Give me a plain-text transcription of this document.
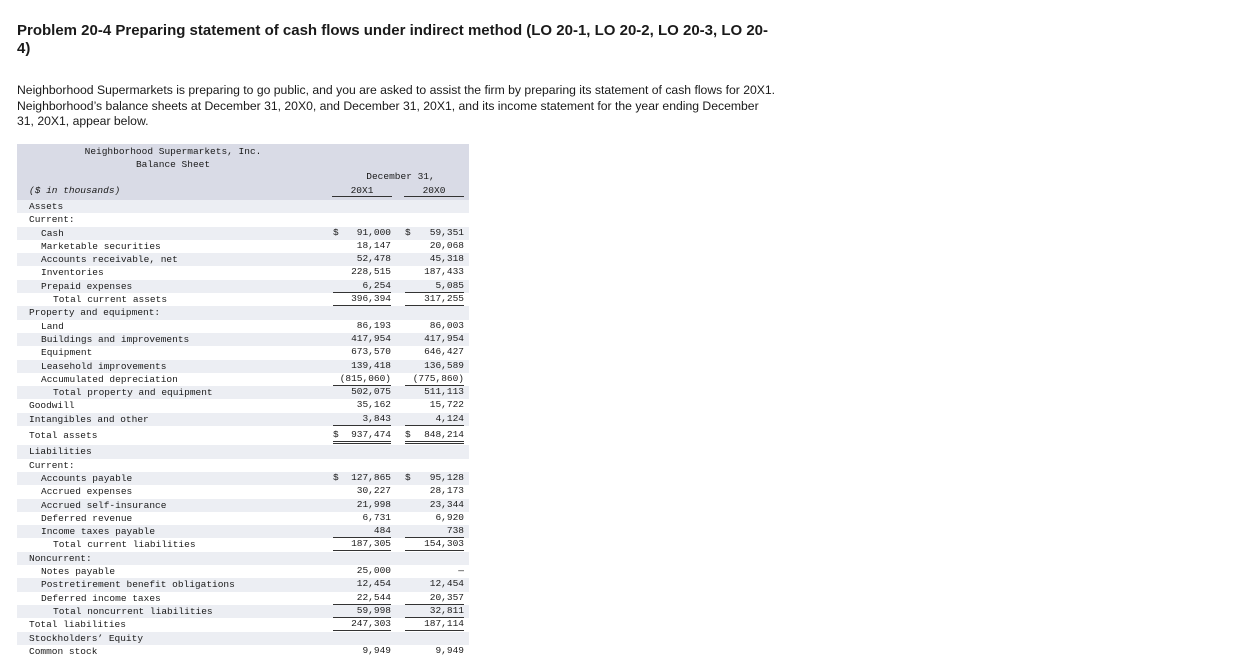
Problem 20-4 Preparing statement of cash flows under indirect method (LO 20-1, LO 20-2, LO 20-3, LO 20-4)

Neighborhood Supermarkets is preparing to go public, and you are asked to assist the firm by preparing its statement of cash flows for 20X1. Neighborhood’s balance sheets at December 31, 20X0, and December 31, 20X1, and its income statement for the year ending December 31, 20X1, appear below.

Neighborhood Supermarkets, Inc.
Balance Sheet
December 31,
20X1	20X0
($ in thousands)
Assets
Current:
Cash	$ 91,000 $ 59,351
Marketable securities	18,147	20,068
Accounts receivable, net	52,478	45,318
Inventories	228,515	187,433
Prepaid expenses	6,254	5,085
Total current assets	396,394	317,255
Property and equipment:
Land	86,193	86,003
Buildings and improvements	417,954	417,954
Equipment	673,570	646,427
Leasehold improvements	139,418	136,589
Accumulated depreciation	(815,060) (775,860)
Total property and equipment	502,075	511,113
Goodwill	35,162	15,722
Intangibles and other	3,843	4,124
Total assets	$ 937,474 $ 848,214
Liabilities
Current:
Accounts payable	$ 127,865 $ 95,128
Accrued expenses	30,227	28,173
Accrued self-insurance	21,998	23,344
Deferred revenue	6,731	6,920
Income taxes payable	484	738
Total current liabilities	187,305	154,303
Noncurrent:
Notes payable	25,000	—
Postretirement benefit obligations	12,454	12,454
Deferred income taxes	22,544	20,357
Total noncurrent liabilities	59,998	32,811
Total liabilities	247,303	187,114
Stockholders’ Equity
Common stock	9,949	9,949
